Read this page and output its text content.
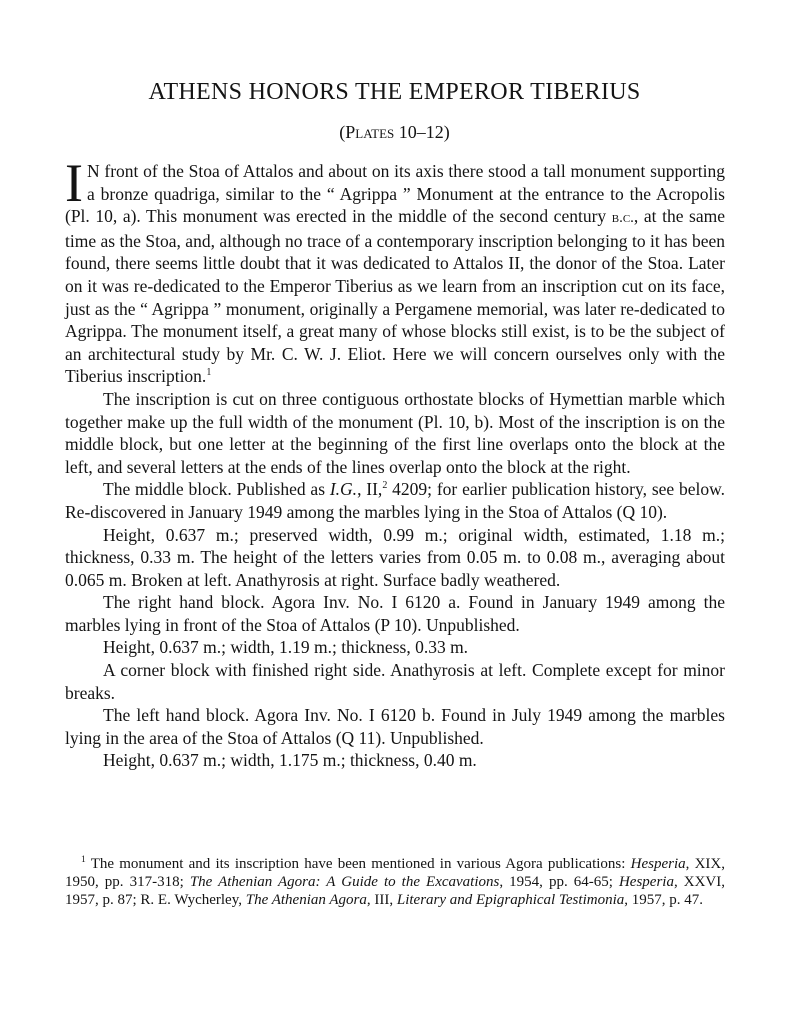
ATHENS HONORS THE EMPEROR TIBERIUS
(Plates 10–12)

I N front of the Stoa of Attalos and about on its axis there stood a tall monument supporting a bronze quadriga, similar to the “ Agrippa ” Monument at the entrance to the Acropolis (Pl. 10, a). This monument was erected in the middle of the second century b.c., at the same time as the Stoa, and, although no trace of a contemporary inscription belonging to it has been found, there seems little doubt that it was dedicated to Attalos II, the donor of the Stoa. Later on it was re-dedicated to the Emperor Tiberius as we learn from an inscription cut on its face, just as the “ Agrippa ” monument, originally a Pergamene memorial, was later re-dedicated to Agrippa. The monument itself, a great many of whose blocks still exist, is to be the subject of an architectural study by Mr. C. W. J. Eliot. Here we will concern ourselves only with the Tiberius inscription.$^1$

The inscription is cut on three contiguous orthostate blocks of Hymettian marble which together make up the full width of the monument (Pl. 10, b). Most of the inscription is on the middle block, but one letter at the beginning of the first line overlaps onto the block at the left, and several letters at the ends of the lines overlap onto the block at the right.

The middle block. Published as I.G., II,$^2$ 4209; for earlier publication history, see below. Re-discovered in January 1949 among the marbles lying in the Stoa of Attalos (Q 10).

Height, 0.637 m.; preserved width, 0.99 m.; original width, estimated, 1.18 m.; thickness, 0.33 m. The height of the letters varies from 0.05 m. to 0.08 m., averaging about 0.065 m. Broken at left. Anathyrosis at right. Surface badly weathered.

The right hand block. Agora Inv. No. I 6120 a. Found in January 1949 among the marbles lying in front of the Stoa of Attalos (P 10). Unpublished.

Height, 0.637 m.; width, 1.19 m.; thickness, 0.33 m.

A corner block with finished right side. Anathyrosis at left. Complete except for minor breaks.

The left hand block. Agora Inv. No. I 6120 b. Found in July 1949 among the marbles lying in the area of the Stoa of Attalos (Q 11). Unpublished.

Height, 0.637 m.; width, 1.175 m.; thickness, 0.40 m.

$^1$ The monument and its inscription have been mentioned in various Agora publications: Hesperia, XIX, 1950, pp. 317-318; The Athenian Agora: A Guide to the Excavations, 1954, pp. 64-65; Hesperia, XXVI, 1957, p. 87; R. E. Wycherley, The Athenian Agora, III, Literary and Epigraphical Testimonia, 1957, p. 47.
